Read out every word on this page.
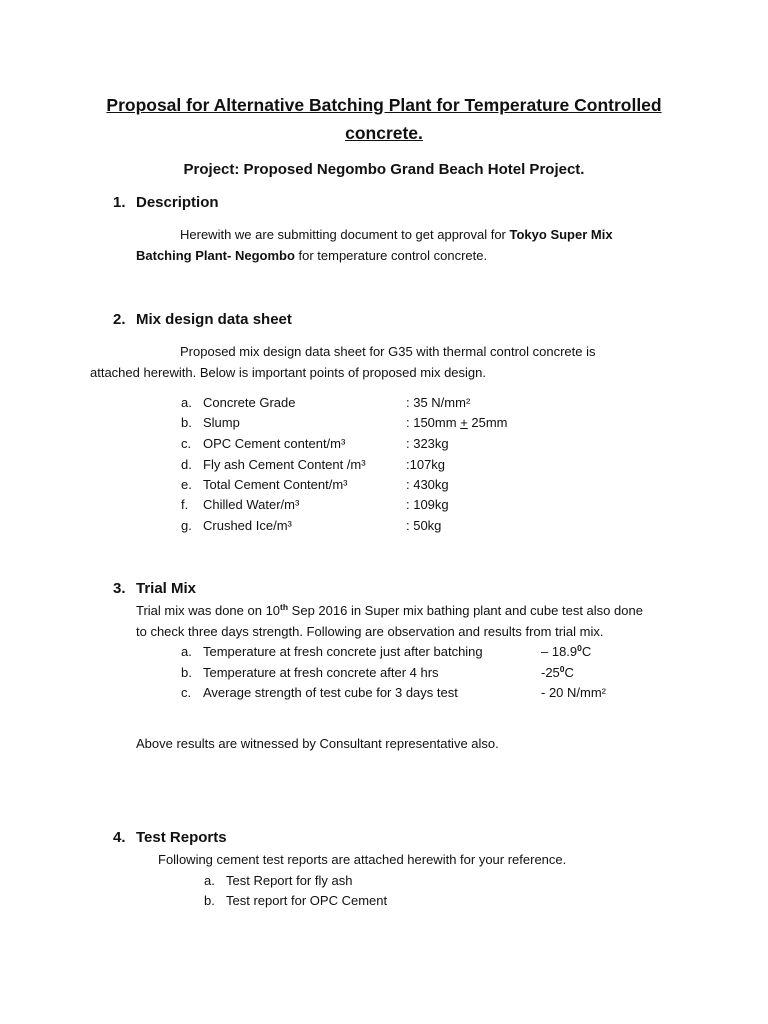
Proposal for Alternative Batching Plant for Temperature Controlled
concrete.
Project: Proposed Negombo Grand Beach Hotel Project.
1. Description
Herewith we are submitting document to get approval for Tokyo Super Mix
Batching Plant- Negombo for temperature control concrete.
2. Mix design data sheet
Proposed mix design data sheet for G35 with thermal control concrete is
attached herewith. Below is important points of proposed mix design.
a. Concrete Grade	: 35 N/mm²
b. Slump	: 150mm + 25mm
c. OPC Cement content/m³	: 323kg
d. Fly ash Cement Content /m³	:107kg
e. Total Cement Content/m³	: 430kg
f. Chilled Water/m³	: 109kg
g. Crushed Ice/m³	: 50kg
3. Trial Mix
Trial mix was done on 10th Sep 2016 in Super mix bathing plant and cube test also done
to check three days strength. Following are observation and results from trial mix.
a. Temperature at fresh concrete just after batching	– 18.9$^0$C
b. Temperature at fresh concrete after 4 hrs	$-25^0C$
c. Average strength of test cube for 3 days test	- 20 N/mm²
Above results are witnessed by Consultant representative also.
4. Test Reports
Following cement test reports are attached herewith for your reference.
a. Test Report for fly ash
b. Test report for OPC Cement
